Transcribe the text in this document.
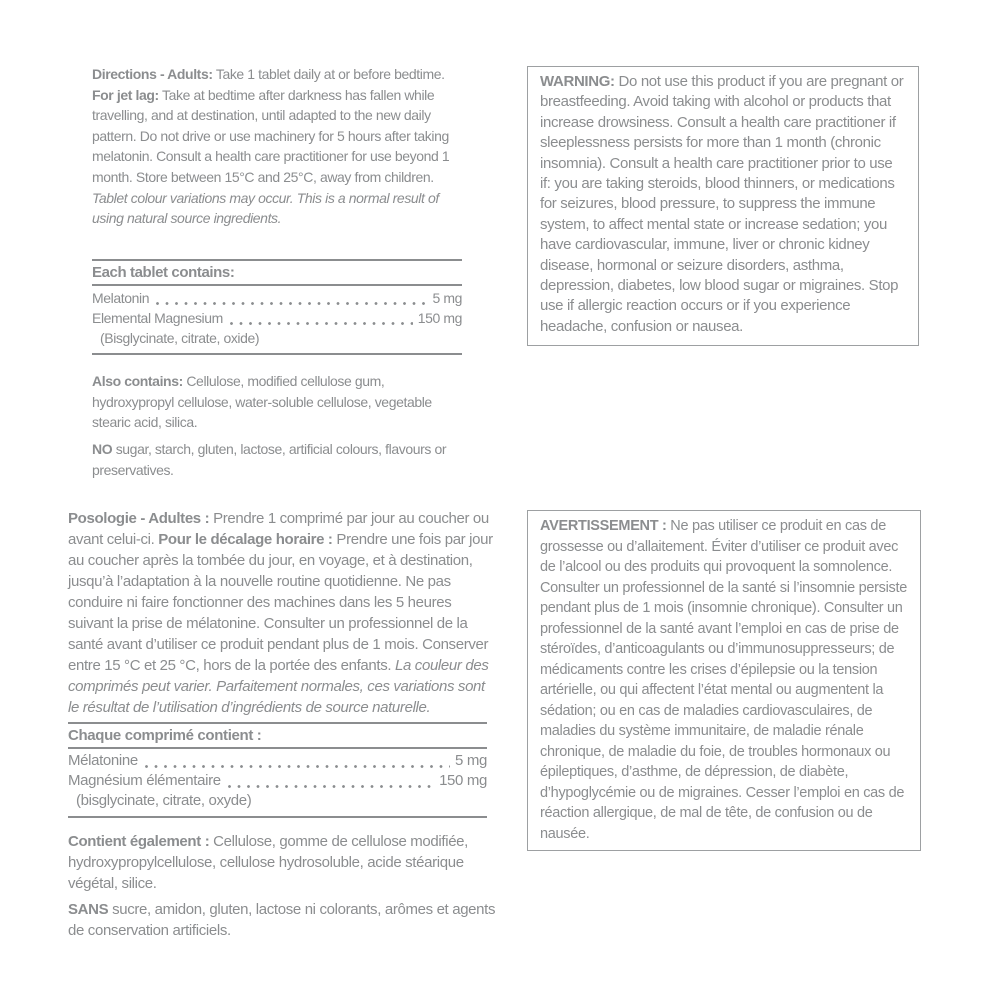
Directions - Adults: Take 1 tablet daily at or before bedtime. For jet lag: Take at bedtime after darkness has fallen while travelling, and at destination, until adapted to the new daily pattern. Do not drive or use machinery for 5 hours after taking melatonin. Consult a health care practitioner for use beyond 1 month. Store between 15°C and 25°C, away from children. Tablet colour variations may occur. This is a normal result of using natural source ingredients.
Each tablet contains:
Melatonin	5 mg
Elemental Magnesium	150 mg
(Bisglycinate, citrate, oxide)
Also contains: Cellulose, modified cellulose gum, hydroxypropyl cellulose, water-soluble cellulose, vegetable stearic acid, silica.
NO sugar, starch, gluten, lactose, artificial colours, flavours or preservatives.
WARNING: Do not use this product if you are pregnant or breastfeeding. Avoid taking with alcohol or products that increase drowsiness. Consult a health care practitioner if sleeplessness persists for more than 1 month (chronic insomnia). Consult a health care practitioner prior to use if: you are taking steroids, blood thinners, or medications for seizures, blood pressure, to suppress the immune system, to affect mental state or increase sedation; you have cardiovascular, immune, liver or chronic kidney disease, hormonal or seizure disorders, asthma, depression, diabetes, low blood sugar or migraines. Stop use if allergic reaction occurs or if you experience headache, confusion or nausea.
Posologie - Adultes : Prendre 1 comprimé par jour au coucher ou avant celui-ci. Pour le décalage horaire : Prendre une fois par jour au coucher après la tombée du jour, en voyage, et à destination, jusqu’à l’adaptation à la nouvelle routine quotidienne. Ne pas conduire ni faire fonctionner des machines dans les 5 heures suivant la prise de mélatonine. Consulter un professionnel de la santé avant d’utiliser ce produit pendant plus de 1 mois. Conserver entre 15 °C et 25 °C, hors de la portée des enfants. La couleur des comprimés peut varier. Parfaitement normales, ces variations sont le résultat de l’utilisation d’ingrédients de source naturelle.
Chaque comprimé contient :
Mélatonine	5 mg
Magnésium élémentaire	150 mg
(bisglycinate, citrate, oxyde)
Contient également : Cellulose, gomme de cellulose modifiée, hydroxypropylcellulose, cellulose hydrosoluble, acide stéarique végétal, silice.
SANS sucre, amidon, gluten, lactose ni colorants, arômes et agents de conservation artificiels.
AVERTISSEMENT : Ne pas utiliser ce produit en cas de grossesse ou d’allaitement. Éviter d’utiliser ce produit avec de l’alcool ou des produits qui provoquent la somnolence. Consulter un professionnel de la santé si l’insomnie persiste pendant plus de 1 mois (insomnie chronique). Consulter un professionnel de la santé avant l’emploi en cas de prise de stéroïdes, d’anticoagulants ou d’immunosuppresseurs; de médicaments contre les crises d’épilepsie ou la tension artérielle, ou qui affectent l’état mental ou augmentent la sédation; ou en cas de maladies cardiovasculaires, de maladies du système immunitaire, de maladie rénale chronique, de maladie du foie, de troubles hormonaux ou épileptiques, d’asthme, de dépression, de diabète, d’hypoglycémie ou de migraines. Cesser l’emploi en cas de réaction allergique, de mal de tête, de confusion ou de nausée.
